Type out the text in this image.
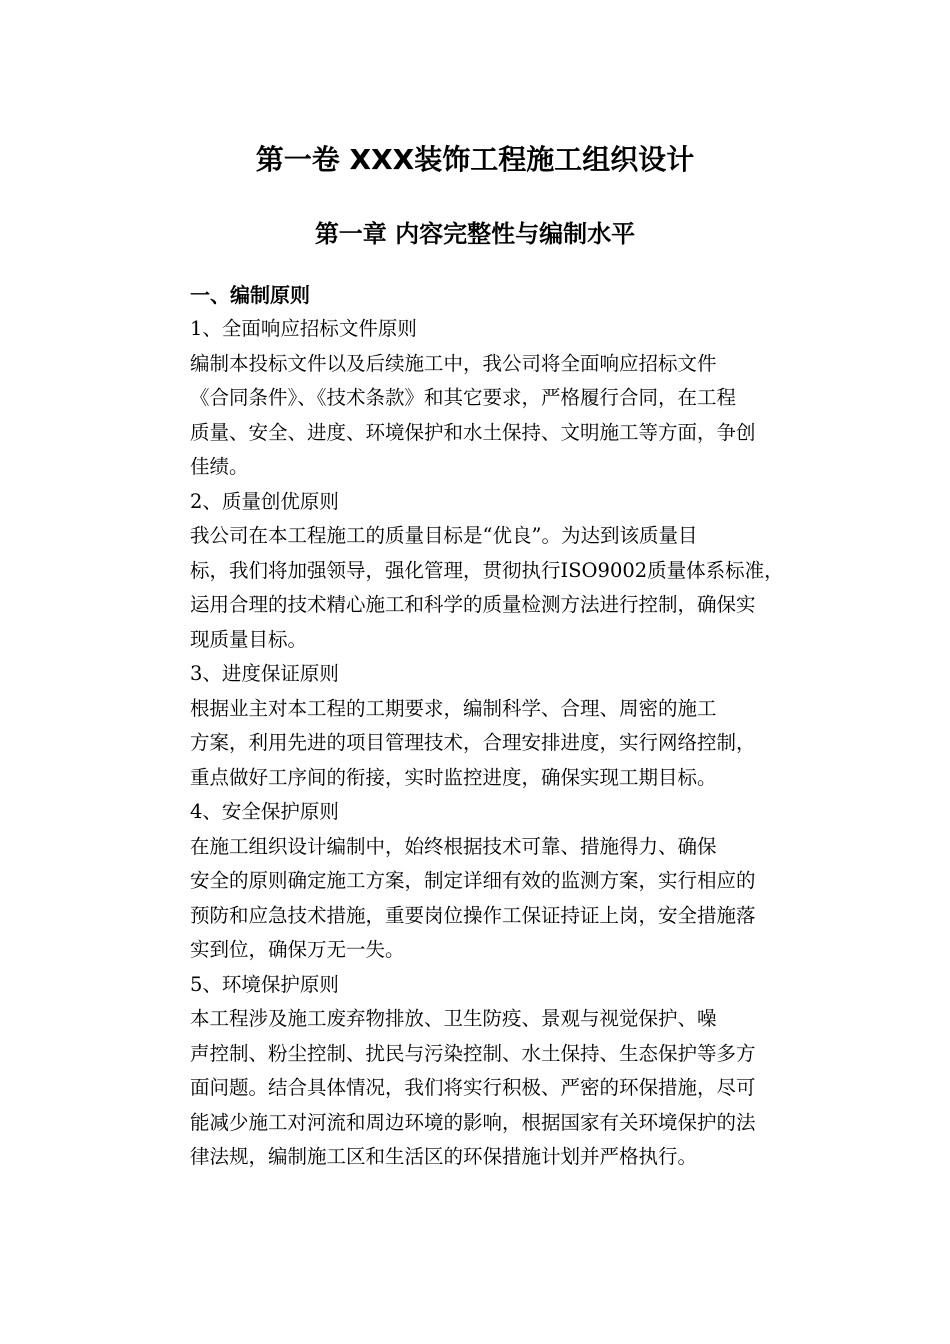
第一卷 XXX装饰工程施工组织设计
第一章 内容完整性与编制水平
一、编制原则

1、全面响应招标文件原则

编制本投标文件以及后续施工中，我公司将全面响应招标文件
《合同条件》、《技术条款》和其它要求，严格履行合同，在工程
质量、安全、进度、环境保护和水土保持、文明施工等方面，争创
佳绩。

2、质量创优原则

我公司在本工程施工的质量目标是“优良”。为达到该质量目
标，我们将加强领导，强化管理，贯彻执行ISO9002质量体系标准，
运用合理的技术精心施工和科学的质量检测方法进行控制，确保实
现质量目标。

3、进度保证原则

根据业主对本工程的工期要求，编制科学、合理、周密的施工
方案，利用先进的项目管理技术，合理安排进度，实行网络控制，
重点做好工序间的衔接，实时监控进度，确保实现工期目标。

4、安全保护原则

在施工组织设计编制中，始终根据技术可靠、措施得力、确保
安全的原则确定施工方案，制定详细有效的监测方案，实行相应的
预防和应急技术措施，重要岗位操作工保证持证上岗，安全措施落
实到位，确保万无一失。

5、环境保护原则

本工程涉及施工废弃物排放、卫生防疫、景观与视觉保护、噪
声控制、粉尘控制、扰民与污染控制、水土保持、生态保护等多方
面问题。结合具体情况，我们将实行积极、严密的环保措施，尽可
能减少施工对河流和周边环境的影响，根据国家有关环境保护的法
律法规，编制施工区和生活区的环保措施计划并严格执行。
